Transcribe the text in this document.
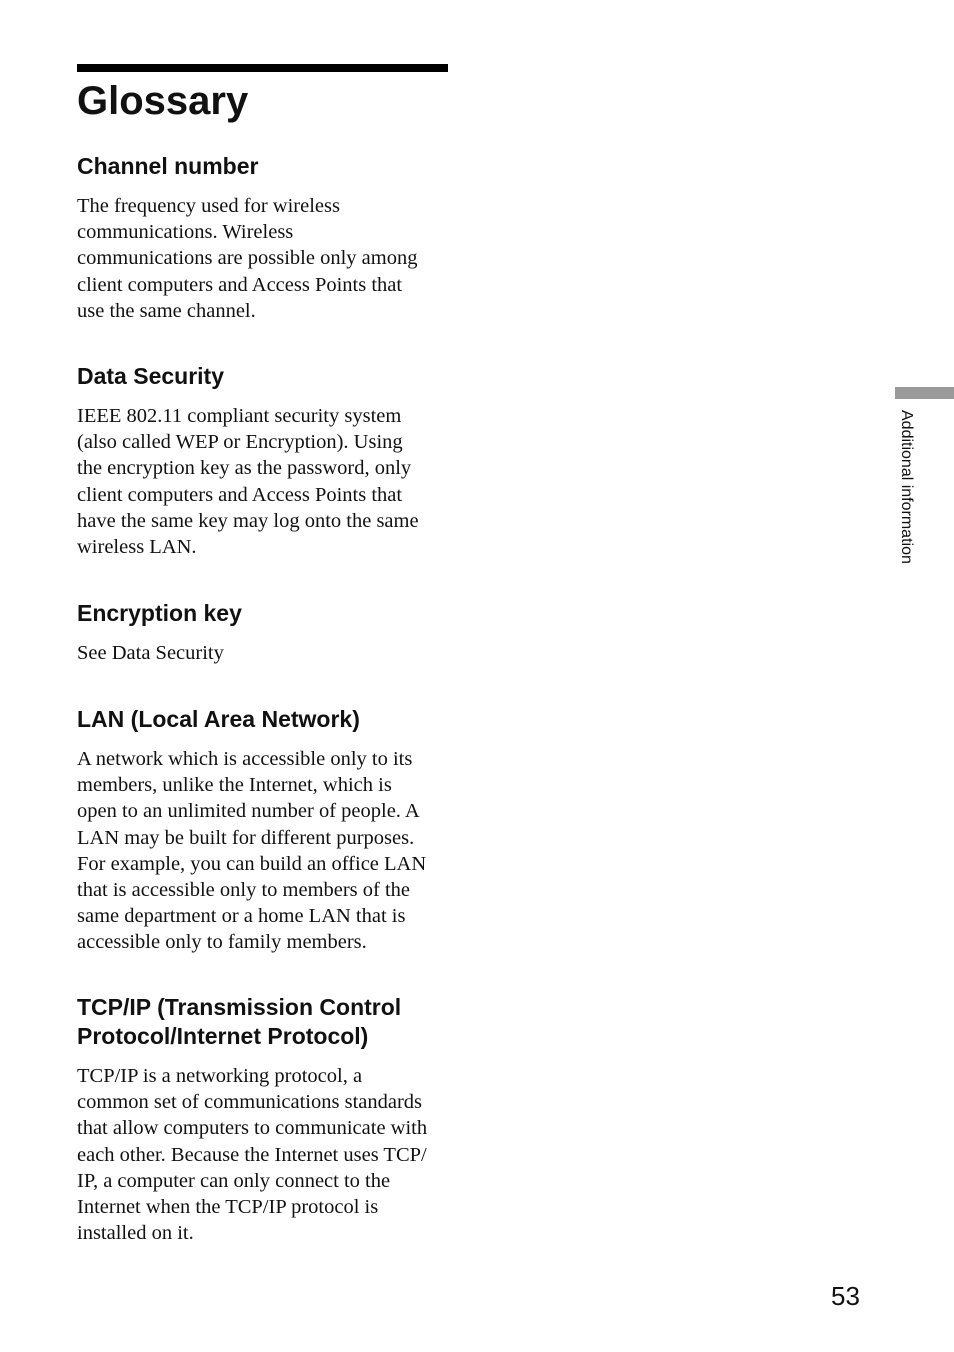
Glossary
Channel number

The frequency used for wireless
communications. Wireless
communications are possible only among
client computers and Access Points that
use the same channel.

Data Security

IEEE 802.11 compliant security system
(also called WEP or Encryption). Using
the encryption key as the password, only
client computers and Access Points that
have the same key may log onto the same
wireless LAN.

Encryption key

See Data Security

LAN (Local Area Network)

A network which is accessible only to its
members, unlike the Internet, which is
open to an unlimited number of people. A
LAN may be built for different purposes.
For example, you can build an office LAN
that is accessible only to members of the
same department or a home LAN that is
accessible only to family members.

TCP/IP (Transmission Control
Protocol/Internet Protocol)

TCP/IP is a networking protocol, a
common set of communications standards
that allow computers to communicate with
each other. Because the Internet uses TCP/
IP, a computer can only connect to the
Internet when the TCP/IP protocol is
installed on it.

Additional information
53
